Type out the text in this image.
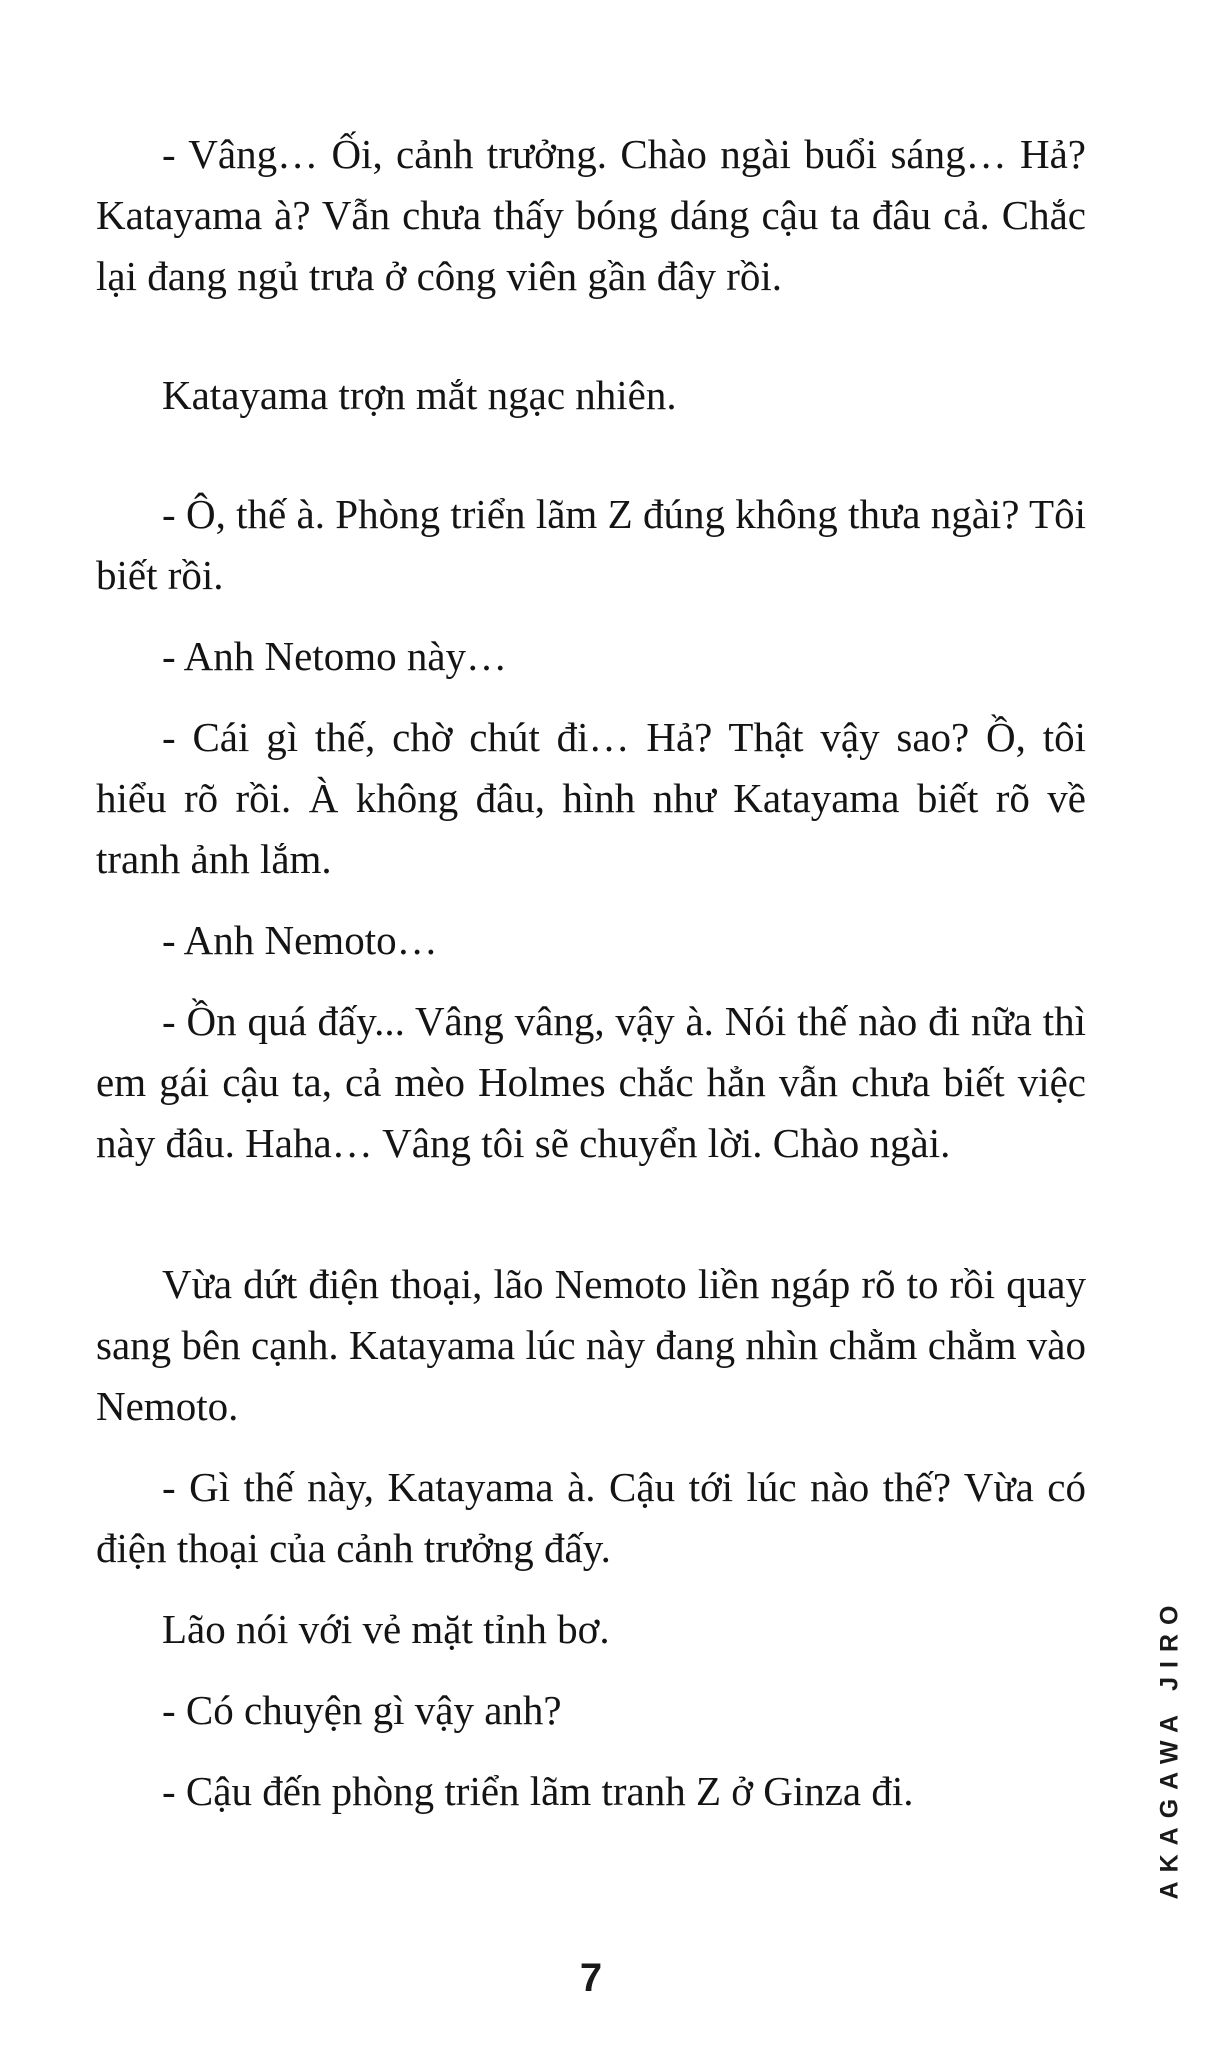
- Vâng… Ối, cảnh trưởng. Chào ngài buổi sáng… Hả? Katayama à? Vẫn chưa thấy bóng dáng cậu ta đâu cả. Chắc lại đang ngủ trưa ở công viên gần đây rồi.

Katayama trợn mắt ngạc nhiên.

- Ô, thế à. Phòng triển lãm Z đúng không thưa ngài? Tôi biết rồi.

- Anh Netomo này…

- Cái gì thế, chờ chút đi… Hả? Thật vậy sao? Ồ, tôi hiểu rõ rồi. À không đâu, hình như Katayama biết rõ về tranh ảnh lắm.

- Anh Nemoto…

- Ồn quá đấy... Vâng vâng, vậy à. Nói thế nào đi nữa thì em gái cậu ta, cả mèo Holmes chắc hẳn vẫn chưa biết việc này đâu. Haha… Vâng tôi sẽ chuyển lời. Chào ngài.

Vừa dứt điện thoại, lão Nemoto liền ngáp rõ to rồi quay sang bên cạnh. Katayama lúc này đang nhìn chằm chằm vào Nemoto.

- Gì thế này, Katayama à. Cậu tới lúc nào thế? Vừa có điện thoại của cảnh trưởng đấy.

Lão nói với vẻ mặt tỉnh bơ.

- Có chuyện gì vậy anh?

- Cậu đến phòng triển lãm tranh Z ở Ginza đi.	AKAGAWA JIRO
7
